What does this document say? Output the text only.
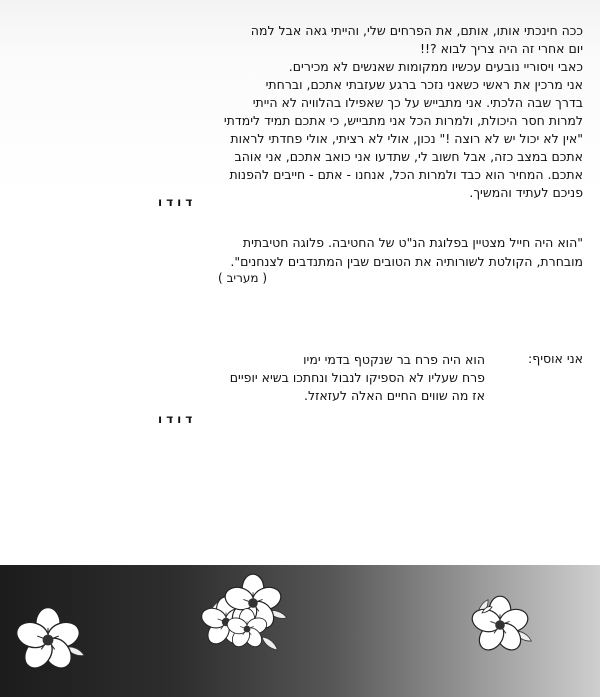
ככה חינכתי אותו, אותם, את הפרחים שלי, והייתי גאה אבל למה
יום אחרי זה היה צריך לבוא ?!!
כאבי ויסוריי נובעים עכשיו ממקומות שאנשים לא מכירים.
אני מרכין את ראשי כשאני נזכר ברגע שעזבתי אתכם, וברחתי
בדרך שבה הלכתי. אני מתבייש על כך שאפילו בהלוויה לא הייתי
למרות חסר היכולת, ולמרות הכל אני מתבייש, כי אתכם תמיד לימדתי
"אין לא יכול יש לא רוצה !" נכון, אולי לא רציתי, אולי פחדתי לראות
אתכם במצב כזה, אבל חשוב לי, שתדעו אני כואב אתכם, אני אוהב
אתכם. המחיר הוא כבד ולמרות הכל, אנחנו - אתם - חייבים להפנות
פניכם לעתיד והמשיך.
דודו
"הוא היה חייל מצטיין בפלוגת הנ"ט של החטיבה. פלוגה חטיבתית
מובחרת, הקולטת לשורותיה את הטובים שבין המתנדבים לצנחנים".
( מעריב )
אני אוסיף:
הוא היה פרח בר שנקטף בדמי ימיו
פרח שעליו לא הספיקו לנבול ונחתכו בשיא יופיים
אז מה שווים החיים האלה לעזאזל.
דודו
